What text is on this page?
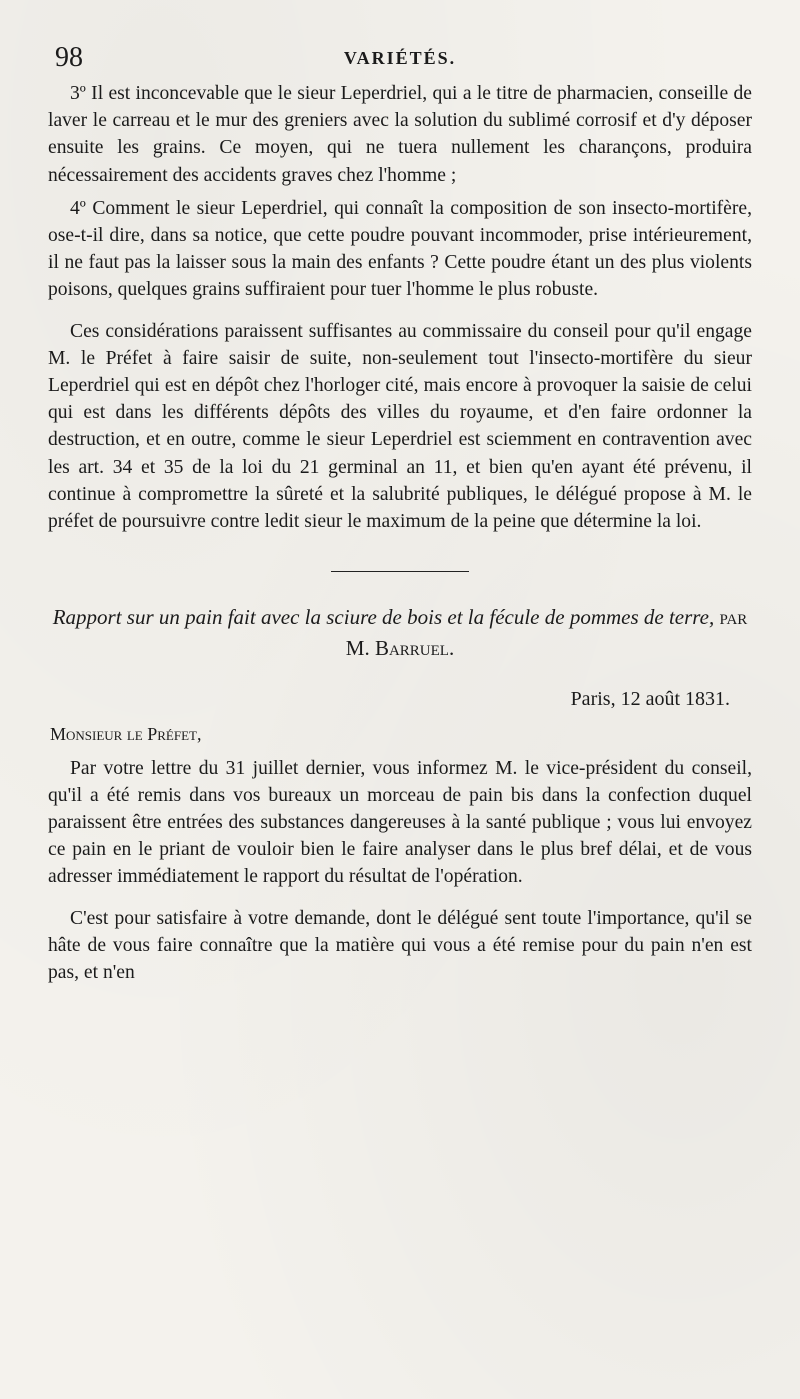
98	VARIÉTÉS.

3º Il est inconcevable que le sieur Leperdriel, qui a le titre de pharmacien, conseille de laver le carreau et le mur des greniers avec la solution du sublimé corrosif et d'y déposer ensuite les grains. Ce moyen, qui ne tuera nullement les charançons, produira nécessairement des accidents graves chez l'homme ;

4º Comment le sieur Leperdriel, qui connaît la composition de son insecto-mortifère, ose-t-il dire, dans sa notice, que cette poudre pouvant incommoder, prise intérieurement, il ne faut pas la laisser sous la main des enfants ? Cette poudre étant un des plus violents poisons, quelques grains suffiraient pour tuer l'homme le plus robuste.

Ces considérations paraissent suffisantes au commissaire du conseil pour qu'il engage M. le Préfet à faire saisir de suite, non-seulement tout l'insecto-mortifère du sieur Leperdriel qui est en dépôt chez l'horloger cité, mais encore à provoquer la saisie de celui qui est dans les différents dépôts des villes du royaume, et d'en faire ordonner la destruction, et en outre, comme le sieur Leperdriel est sciemment en contravention avec les art. 34 et 35 de la loi du 21 germinal an 11, et bien qu'en ayant été prévenu, il continue à compromettre la sûreté et la salubrité publiques, le délégué propose à M. le préfet de poursuivre contre ledit sieur le maximum de la peine que détermine la loi.

Rapport sur un pain fait avec la sciure de bois et la fécule de pommes de terre, par M. Barruel.

Paris, 12 août 1831.

Monsieur le Préfet,

Par votre lettre du 31 juillet dernier, vous informez M. le vice-président du conseil, qu'il a été remis dans vos bureaux un morceau de pain bis dans la confection duquel paraissent être entrées des substances dangereuses à la santé publique ; vous lui envoyez ce pain en le priant de vouloir bien le faire analyser dans le plus bref délai, et de vous adresser immédiatement le rapport du résultat de l'opération.

C'est pour satisfaire à votre demande, dont le délégué sent toute l'importance, qu'il se hâte de vous faire connaître que la matière qui vous a été remise pour du pain n'en est pas, et n'en
